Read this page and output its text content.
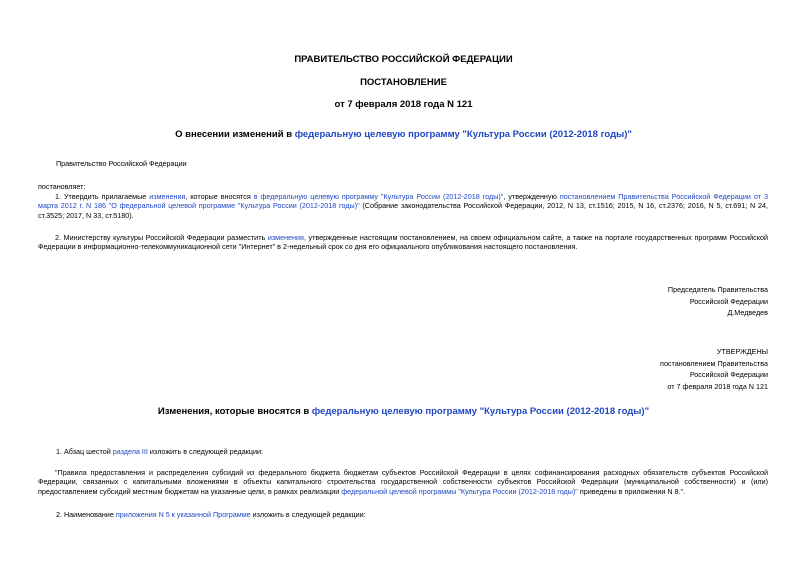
ПРАВИТЕЛЬСТВО РОССИЙСКОЙ ФЕДЕРАЦИИ
ПОСТАНОВЛЕНИЕ
от 7 февраля 2018 года N 121
О внесении изменений в федеральную целевую программу "Культура России (2012-2018 годы)"
Правительство Российской Федерации
постановляет:
1. Утвердить прилагаемые изменения, которые вносятся в федеральную целевую программу "Культура России (2012-2018 годы)", утвержденную постановлением Правительства Российской Федерации от 3 марта 2012 г. N 186 "О федеральной целевой программе "Культура России (2012-2018 годы)" (Собрание законодательства Российской Федерации, 2012, N 13, ст.1516; 2015, N 16, ст.2376; 2016, N 5, ст.691; N 24, ст.3525; 2017, N 33, ст.5180).
2. Министерству культуры Российской Федерации разместить изменения, утвержденные настоящим постановлением, на своем официальном сайте, а также на портале государственных программ Российской Федерации в информационно-телекоммуникационной сети "Интернет" в 2-недельный срок со дня его официального опубликования настоящего постановления.
Председатель Правительства
Российской Федерации
Д.Медведев
УТВЕРЖДЕНЫ
постановлением Правительства
Российской Федерации
от 7 февраля 2018 года N 121
Изменения, которые вносятся в федеральную целевую программу "Культура России (2012-2018 годы)"
1. Абзац шестой раздела III изложить в следующей редакции:
"Правила предоставления и распределения субсидий из федерального бюджета бюджетам субъектов Российской Федерации в целях софинансирования расходных обязательств субъектов Российской Федерации, связанных с капитальными вложениями в объекты капитального строительства государственной собственности субъектов Российской Федерации (муниципальной собственности) и (или) предоставлением субсидий местным бюджетам на указанные цели, в рамках реализации федеральной целевой программы "Культура России (2012-2018 годы)" приведены в приложении N 8.".
2. Наименование приложения N 5 к указанной Программе изложить в следующей редакции:
